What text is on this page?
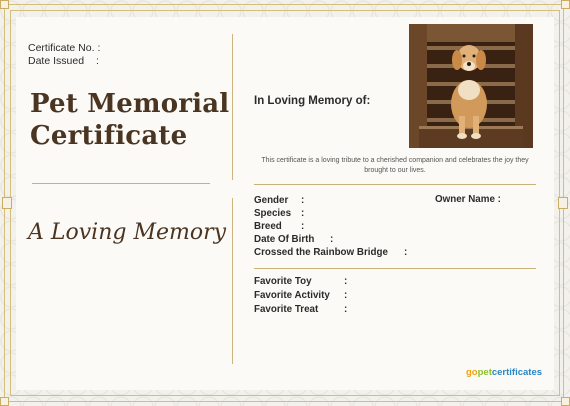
Certificate No. :
Date Issued :
Pet Memorial
Certificate
A Loving Memory
In Loving Memory of:
This certificate is a loving tribute to a cherished companion and celebrates the joy they brought to our lives.
Gender :	Owner Name :
Species :
Breed :
Date Of Birth :
Crossed the Rainbow Bridge :
Favorite Toy	:
Favorite Activity :
Favorite Treat	:
gopetcertificates
